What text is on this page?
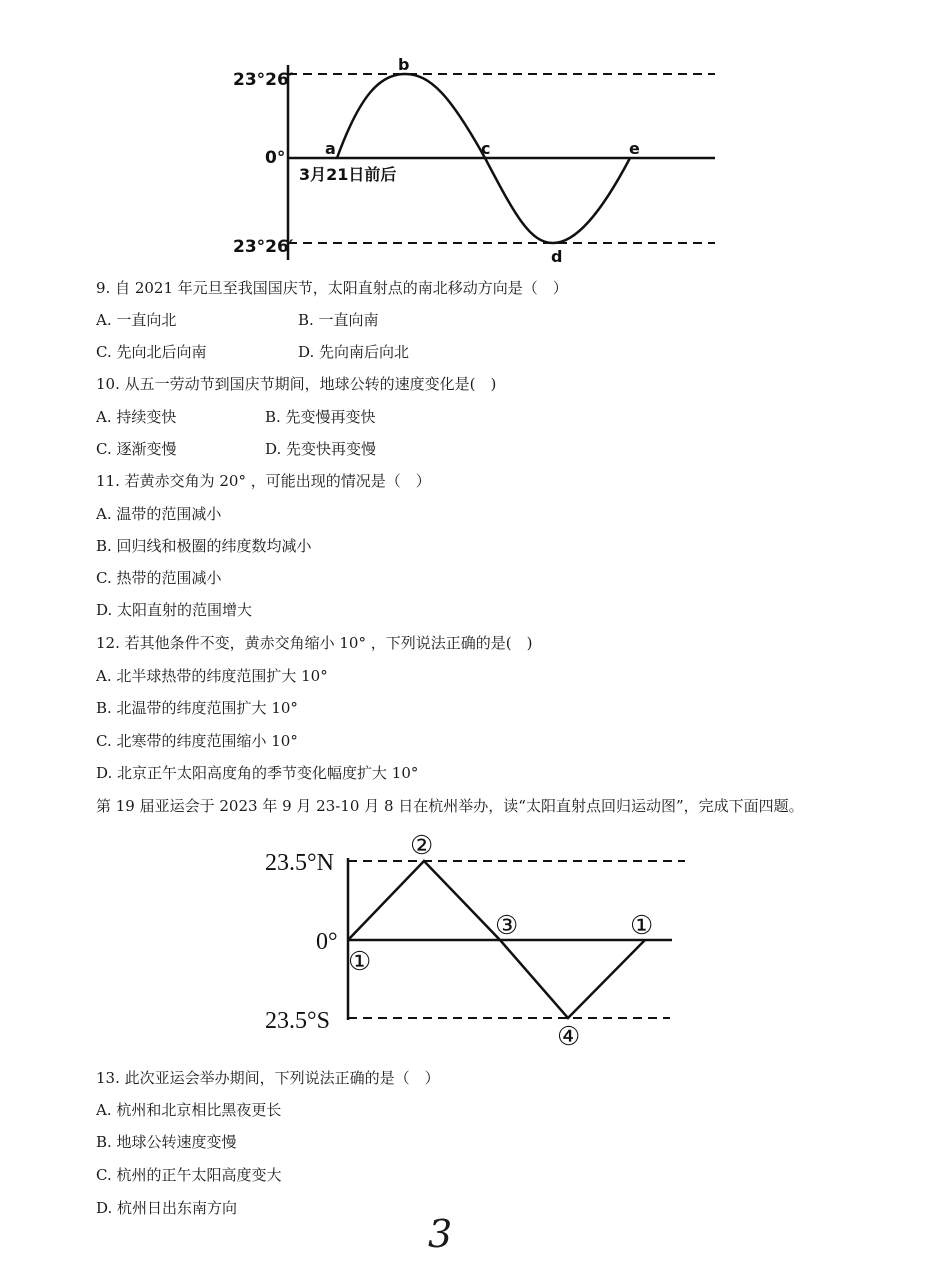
23°26′
0°
23°26′
a
b
c
d
e
3月21日前后
9. 自 2021 年元旦至我国国庆节，太阳直射点的南北移动方向是（　）
A. 一直向北	B. 一直向南
C. 先向北后向南	D. 先向南后向北
10. 从五一劳动节到国庆节期间，地球公转的速度变化是(　)
A. 持续变快	B. 先变慢再变快
C. 逐渐变慢	D. 先变快再变慢
11. 若黄赤交角为 20° ，可能出现的情况是（　）
A. 温带的范围减小
B. 回归线和极圈的纬度数均减小
C. 热带的范围减小
D. 太阳直射的范围增大
12. 若其他条件不变，黄赤交角缩小 10° ，下列说法正确的是(　)
A. 北半球热带的纬度范围扩大 10°
B. 北温带的纬度范围扩大 10°
C. 北寒带的纬度范围缩小 10°
D. 北京正午太阳高度角的季节变化幅度扩大 10°
第 19 届亚运会于 2023 年 9 月 23-10 月 8 日在杭州举办，读“太阳直射点回归运动图”，完成下面四题。
23.5°N
0°
23.5°S
①
②
③
④
①
13. 此次亚运会举办期间，下列说法正确的是（　）
A. 杭州和北京相比黑夜更长
B. 地球公转速度变慢
C. 杭州的正午太阳高度变大
D. 杭州日出东南方向
3
